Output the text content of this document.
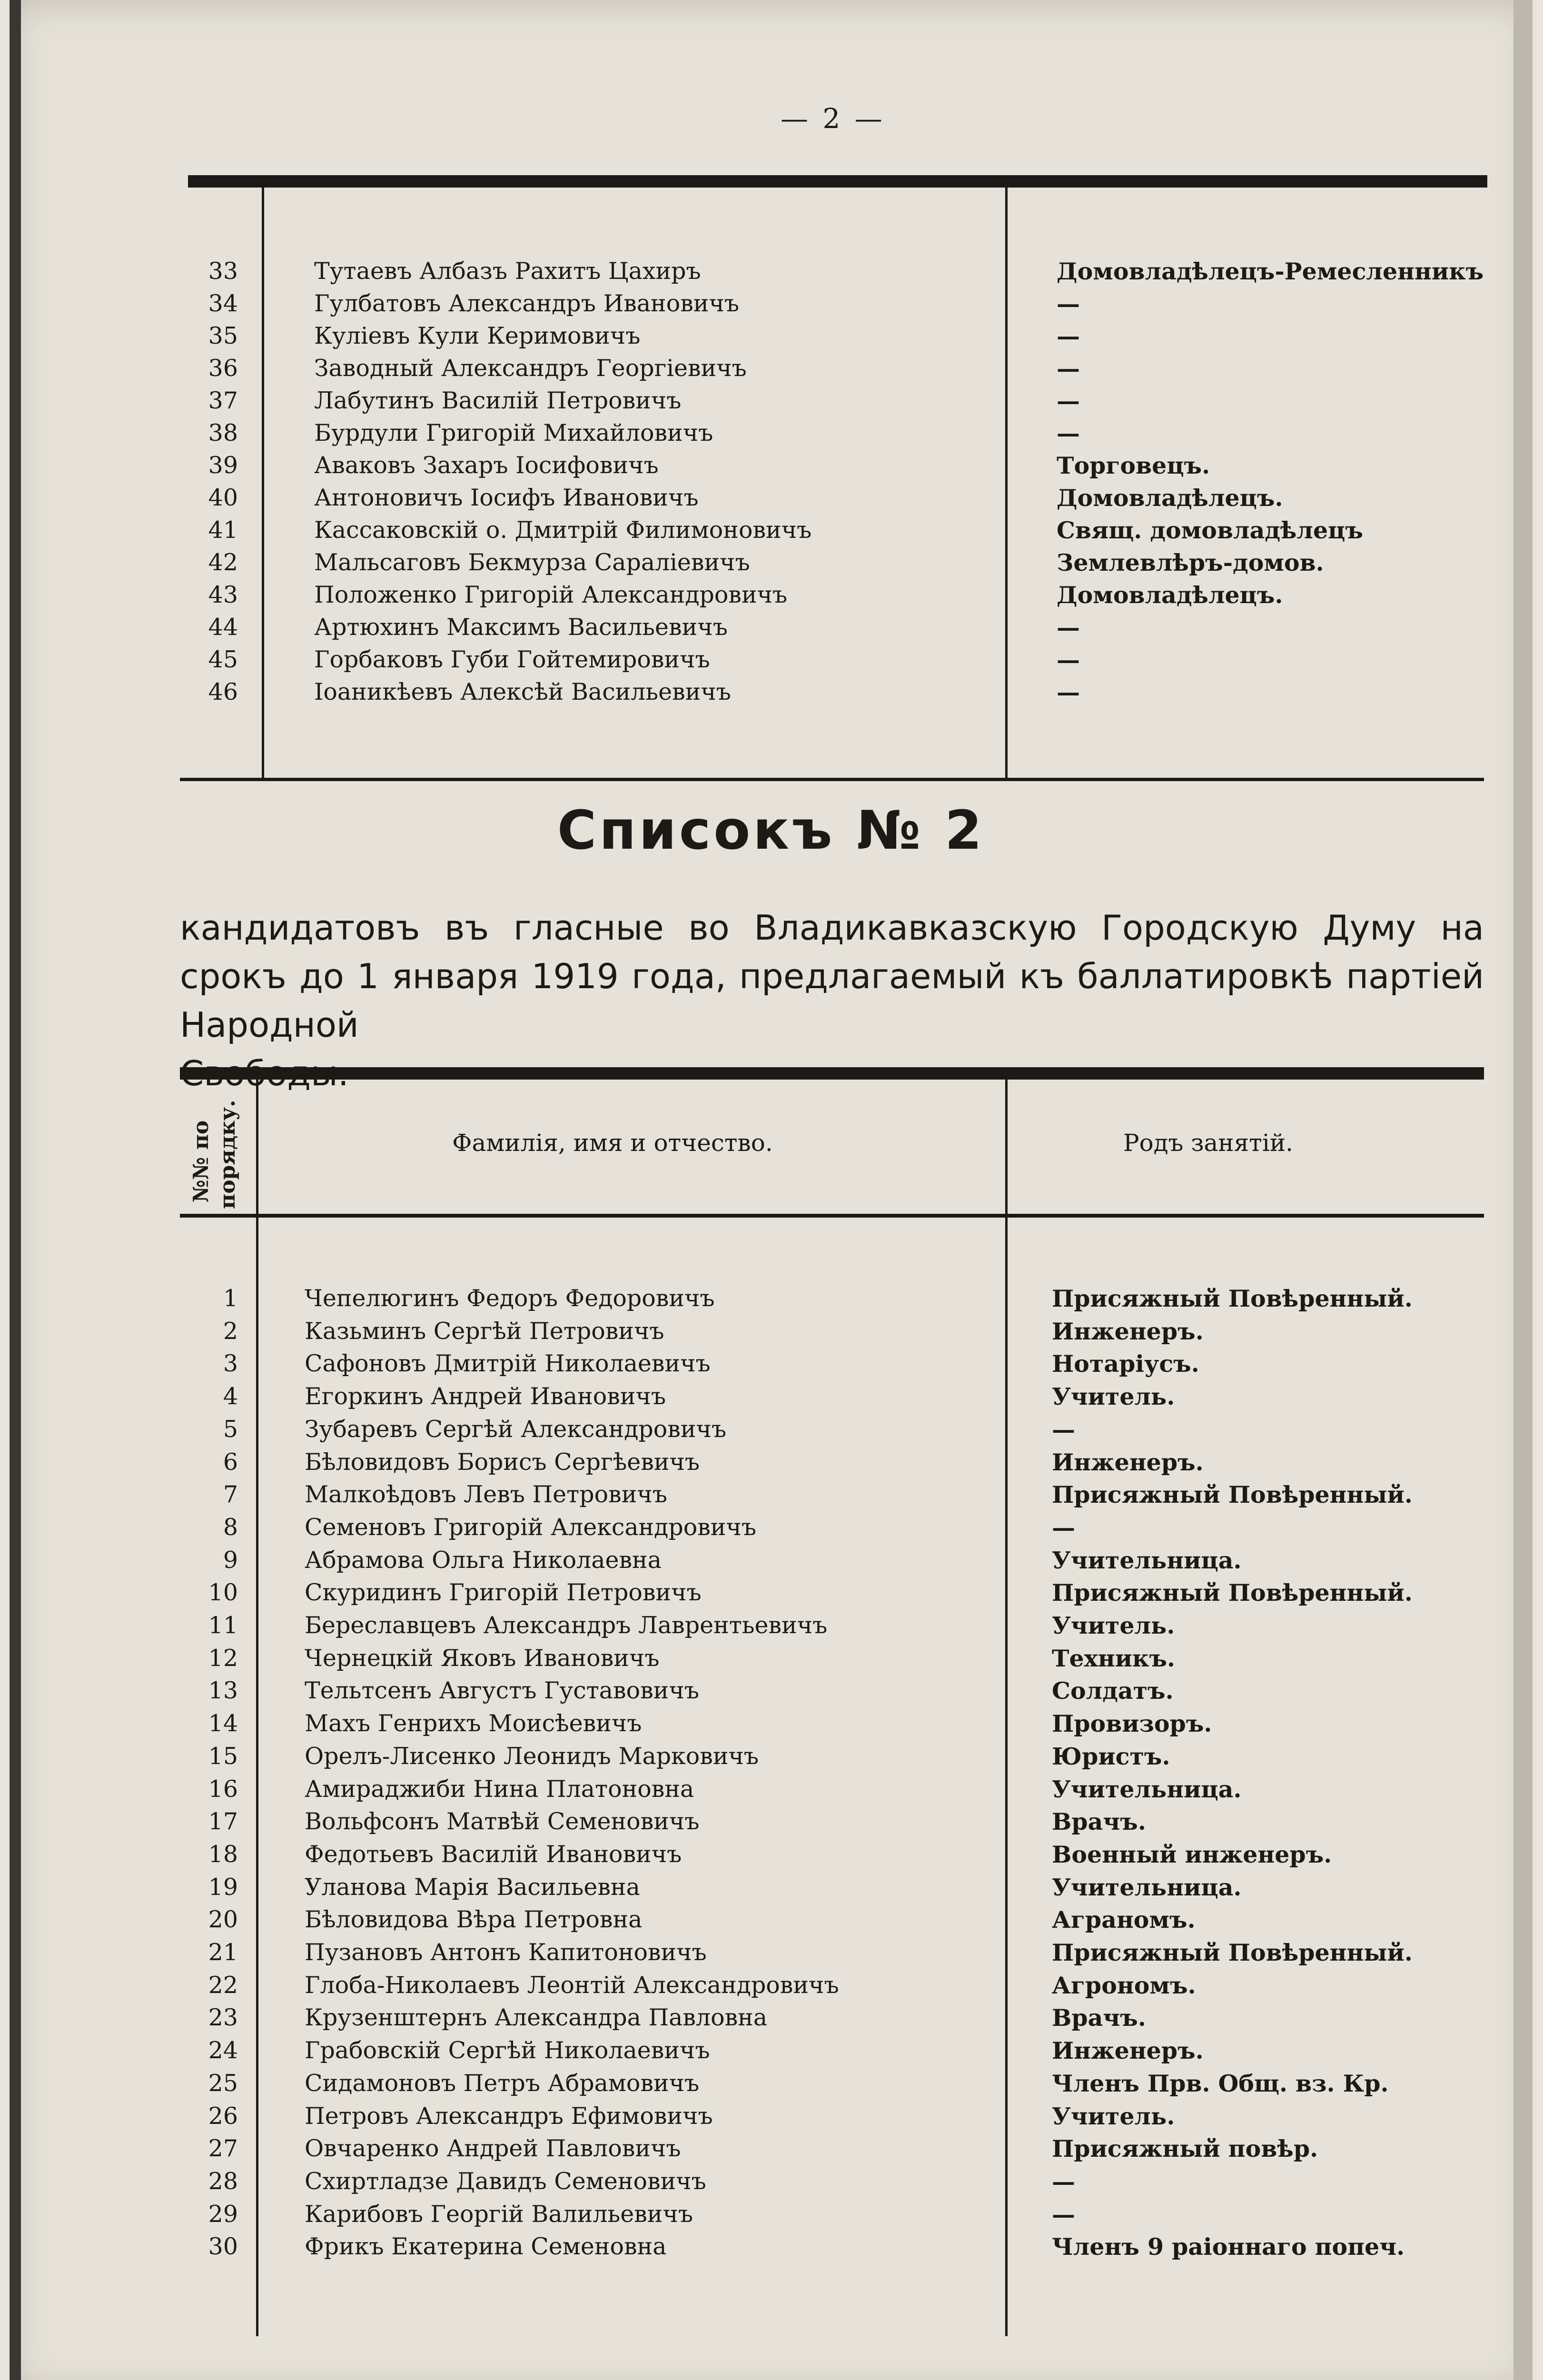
— 2 —
33	Тутаевъ Албазъ Рахитъ Цахиръ	Домовладѣлецъ-Ремесленникъ
34	Гулбатовъ Александръ Ивановичъ	—
35	Кулiевъ Кули Керимовичъ	—
36	Заводный Александръ Георгiевичъ	—
37	Лабутинъ Василiй Петровичъ	—
38	Бурдули Григорiй Михайловичъ	—
39	Аваковъ Захаръ Iосифовичъ	Торговецъ.
40	Антоновичъ Iосифъ Ивановичъ	Домовладѣлецъ.
41	Кассаковскiй о. Дмитрiй Филимоновичъ	Свящ. домовладѣлецъ
42	Мальсаговъ Бекмурза Саралiевичъ	Землевлѣръ-домов.
43	Положенко Григорiй Александровичъ	Домовладѣлецъ.
44	Артюхинъ Максимъ Васильевичъ	—
45	Горбаковъ Губи Гойтемировичъ	—
46	Iоаникѣевъ Алексѣй Васильевичъ	—
Списокъ № 2
кандидатовъ въ гласные во Владикавказскую Городскую Думу на срокъ до 1 января 1919 года, предлагаемый къ баллатировкѣ партiей Народной
№№ по порядку.	Фамилiя, имя и отчество.	Родъ занятiй.
1	Чепелюгинъ Федоръ Федоровичъ	Присяжный Повѣренный.
2	Казьминъ Сергѣй Петровичъ	Инженеръ.
3	Сафоновъ Дмитрiй Николаевичъ	Нотарiусъ.
4	Егоркинъ Андрей Ивановичъ	Учитель.
5	Зубаревъ Сергѣй Александровичъ	—
6	Бѣловидовъ Борисъ Сергѣевичъ	Инженеръ.
7	Малкоѣдовъ Левъ Петровичъ	Присяжный Повѣренный.
8	Семеновъ Григорiй Александровичъ	—
9	Абрамова Ольга Николаевна	Учительница.
10	Скуридинъ Григорiй Петровичъ	Присяжный Повѣренный.
11	Береславцевъ Александръ Лаврентьевичъ	Учитель.
12	Чернецкiй Яковъ Ивановичъ	Техникъ.
13	Тельтсенъ Августъ Густавовичъ	Солдатъ.
14	Махъ Генрихъ Моисѣевичъ	Провизоръ.
15	Орелъ-Лисенко Леонидъ Марковичъ	Юристъ.
16	Амираджиби Нина Платоновна	Учительница.
17	Вольфсонъ Матвѣй Семеновичъ	Врачъ.
18	Федотьевъ Василiй Ивановичъ	Военный инженеръ.
19	Уланова Марiя Васильевна	Учительница.
20	Бѣловидова Вѣра Петровна	Аграномъ.
21	Пузановъ Антонъ Капитоновичъ	Присяжный Повѣренный.
22	Глоба-Николаевъ Леонтiй Александровичъ	Агрономъ.
23	Крузенштернъ Александра Павловна	Врачъ.
24	Грабовскiй Сергѣй Николаевичъ	Инженеръ.
25	Сидамоновъ Петръ Абрамовичъ	Членъ Прв. Общ. вз. Кр.
26	Петровъ Александръ Ефимовичъ	Учитель.
27	Овчаренко Андрей Павловичъ	Присяжный повѣр.
28	Схиртладзе Давидъ Семеновичъ	—
29	Карибовъ Георгiй Валильевичъ	—
30	Фрикъ Екатерина Семеновна	Членъ 9 раiоннаго попеч.
